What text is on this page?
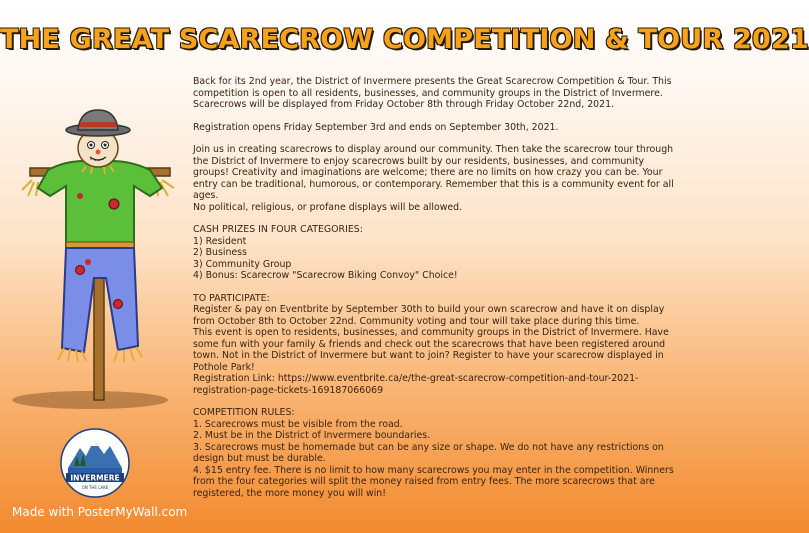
THE GREAT SCARECROW COMPETITION & TOUR 2021
INVERMERE
ON THE LAKE
Made with PosterMyWall.com

Back for its 2nd year, the District of Invermere presents the Great Scarecrow Competition & Tour. This competition is open to all residents, businesses, and community groups in the District of Invermere. Scarecrows will be displayed from Friday October 8th through Friday October 22nd, 2021.

Registration opens Friday September 3rd and ends on September 30th, 2021.

Join us in creating scarecrows to display around our community. Then take the scarecrow tour through the District of Invermere to enjoy scarecrows built by our residents, businesses, and community groups! Creativity and imaginations are welcome; there are no limits on how crazy you can be. Your entry can be traditional, humorous, or contemporary. Remember that this is a community event for all ages.
No political, religious, or profane displays will be allowed.

CASH PRIZES IN FOUR CATEGORIES:
1) Resident
2) Business
3) Community Group
4) Bonus: Scarecrow "Scarecrow Biking Convoy" Choice!

TO PARTICIPATE:
Register & pay on Eventbrite by September 30th to build your own scarecrow and have it on display from October 8th to October 22nd. Community voting and tour will take place during this time.
This event is open to residents, businesses, and community groups in the District of Invermere. Have some fun with your family & friends and check out the scarecrows that have been registered around town. Not in the District of Invermere but want to join? Register to have your scarecrow displayed in Pothole Park!
Registration Link: https://www.eventbrite.ca/e/the-great-scarecrow-competition-and-tour-2021-registration-page-tickets-169187066069

COMPETITION RULES:
1. Scarecrows must be visible from the road.
2. Must be in the District of Invermere boundaries.
3. Scarecrows must be homemade but can be any size or shape. We do not have any restrictions on design but must be durable.
4. $15 entry fee. There is no limit to how many scarecrows you may enter in the competition. Winners from the four categories will split the money raised from entry fees. The more scarecrows that are registered, the more money you will win!
